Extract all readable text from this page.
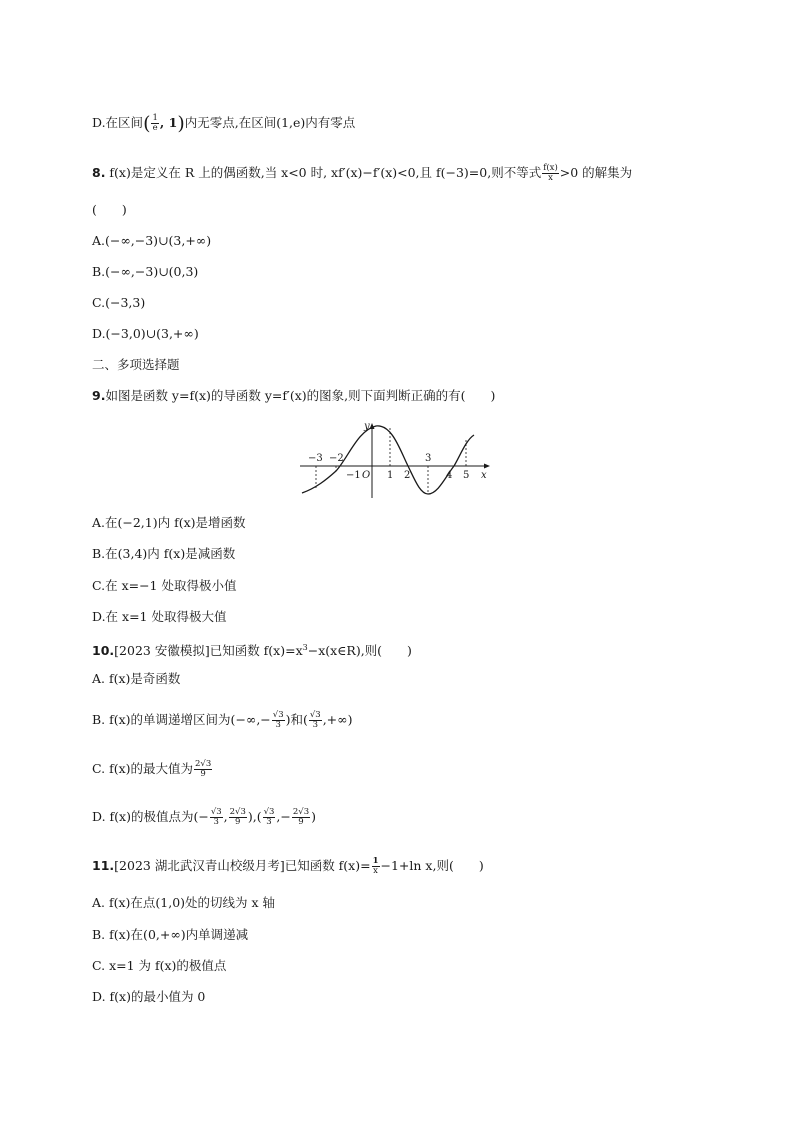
D.在区间( $\frac{1}{e}$ , 1)内无零点,在区间(1,e)内有零点
8. f(x)是定义在 R 上的偶函数,当 x<0 时, xf′(x)−f′(x)<0,且 f(−3)=0,则不等式 $\frac{f(x)}{x} >0$ 的解集为
(　　)
A.(−∞,−3)∪(3,+∞)
B.(−∞,−3)∪(0,3)
C.(−3,3)
D.(−3,0)∪(3,+∞)
二、多项选择题
9.如图是函数 y=f(x)的导函数 y=f′(x)的图象,则下面判断正确的有(　　)
y
x
O
−3 −2
−1	1 2
3
4 5
A.在(−2,1)内 f(x)是增函数
B.在(3,4)内 f(x)是减函数
C.在 x=−1 处取得极小值
D.在 x=1 处取得极大值
10.[2023 安徽模拟]已知函数 $f(x)=x^3-x(x\in R)$,则(　　)
A. f(x)是奇函数
B. f(x)的单调递增区间为(−∞,− $\frac{√3}{3}$ )和( $\frac{√3}{3}$ ,+∞)
C. f(x)的最大值为 $\frac{2√3}{9}$
D. f(x)的极值点为(− $\frac{√3}{3}$ , $\frac{2√3}{9}$ ),( $\frac{√3}{3}$ ,− $\frac{2√3}{9}$ )
11.[2023 湖北武汉青山校级月考]已知函数 $f(x)= \frac{1}{x} -1+\ln$ x,则(　　)
A. f(x)在点(1,0)处的切线为 x 轴
B. f(x)在(0,+∞)内单调递减
C. x=1 为 f(x)的极值点
D. f(x)的最小值为 0
